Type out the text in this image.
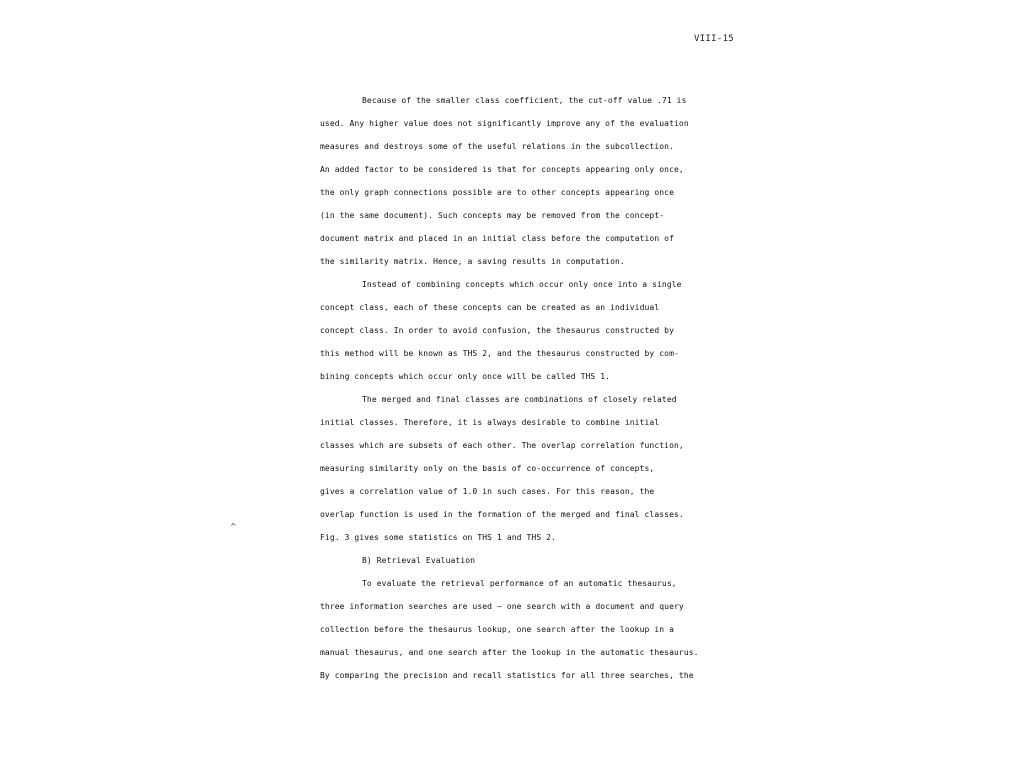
VIII-15
^
Because of the smaller class coefficient, the cut-off value .71 is
used. Any higher value does not significantly improve any of the evaluation
measures and destroys some of the useful relations in the subcollection.
An added factor to be considered is that for concepts appearing only once,
the only graph connections possible are to other concepts appearing once
(in the same document). Such concepts may be removed from the concept-
document matrix and placed in an initial class before the computation of
the similarity matrix. Hence, a saving results in computation.
Instead of combining concepts which occur only once into a single
concept class, each of these concepts can be created as an individual
concept class. In order to avoid confusion, the thesaurus constructed by
this method will be known as THS 2, and the thesaurus constructed by com-
bining concepts which occur only once will be called THS 1.
The merged and final classes are combinations of closely related
initial classes. Therefore, it is always desirable to combine initial
classes which are subsets of each other. The overlap correlation function,
measuring similarity only on the basis of co-occurrence of concepts,
gives a correlation value of 1.0 in such cases. For this reason, the
overlap function is used in the formation of the merged and final classes.
Fig. 3 gives some statistics on THS 1 and THS 2.
B) Retrieval Evaluation
To evaluate the retrieval performance of an automatic thesaurus,
three information searches are used — one search with a document and query
collection before the thesaurus lookup, one search after the lookup in a
manual thesaurus, and one search after the lookup in the automatic thesaurus.
By comparing the precision and recall statistics for all three searches, the
